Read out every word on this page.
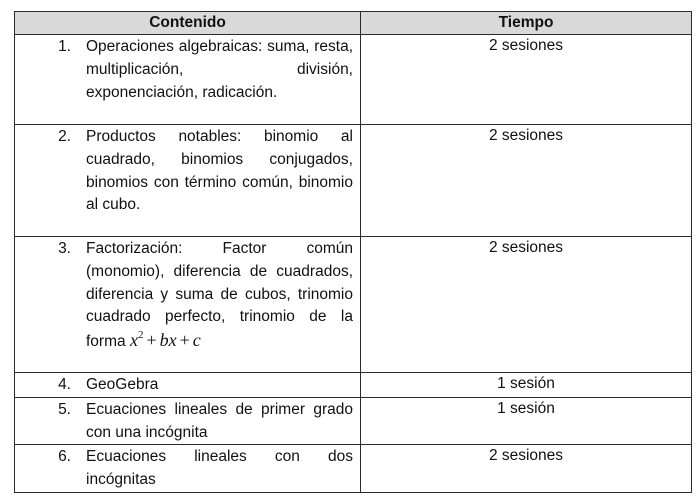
Contenido	Tiempo

1. Operaciones algebraicas: suma, resta, multiplicación, división, exponenciación, radicación.	2 sesiones

2. Productos notables: binomio al cuadrado, binomios conjugados, binomios con término común, binomio al cubo.	2 sesiones

3. Factorización: Factor común (monomio), diferencia de cuadrados, diferencia y suma de cubos, trinomio cuadrado perfecto, trinomio de la forma $x^2$ + bx + c	2 sesiones

4. GeoGebra	1 sesión

5. Ecuaciones lineales de primer grado con una incógnita	1 sesión

6. Ecuaciones lineales con dos incógnitas	2 sesiones
